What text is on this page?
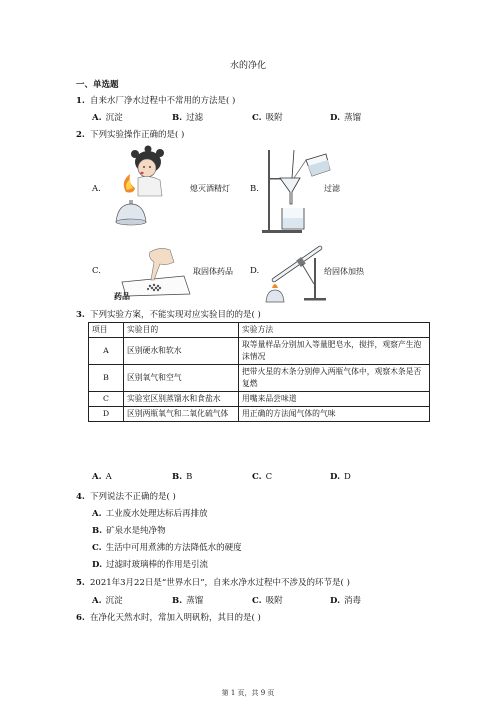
水的净化
一、单选题
1. 自来水厂净水过程中不常用的方法是( )
A. 沉淀	B. 过滤	C. 吸附	D. 蒸馏
2. 下列实验操作正确的是( )
A.	熄灭酒精灯 B.	过滤
C.
药品
取固体药品 D.	给固体加热
3. 下列实验方案，不能实现对应实验目的的是( )
项目	实验目的	实验方法
A	区别硬水和软水	取等量样品分别加入等量肥皂水，搅拌，观察产生泡沫情况
B	区别氧气和空气	把带火星的木条分别伸入两瓶气体中，观察木条是否复燃
C	实验室区别蒸馏水和食盐水	用嘴来品尝味道
D	区别两瓶氧气和二氧化硫气体	用正确的方法闻气体的气味
A. A	B. B	C. C	D. D
4. 下列说法不正确的是( )
A. 工业废水处理达标后再排放
B. 矿泉水是纯净物
C. 生活中可用煮沸的方法降低水的硬度
D. 过滤时玻璃棒的作用是引流
5. 2021年3月22日是“世界水日”，自来水净水过程中不涉及的环节是( )
A. 沉淀	B. 蒸馏	C. 吸附	D. 消毒
6. 在净化天然水时，常加入明矾粉，其目的是( )
第 1 页，共 9 页
